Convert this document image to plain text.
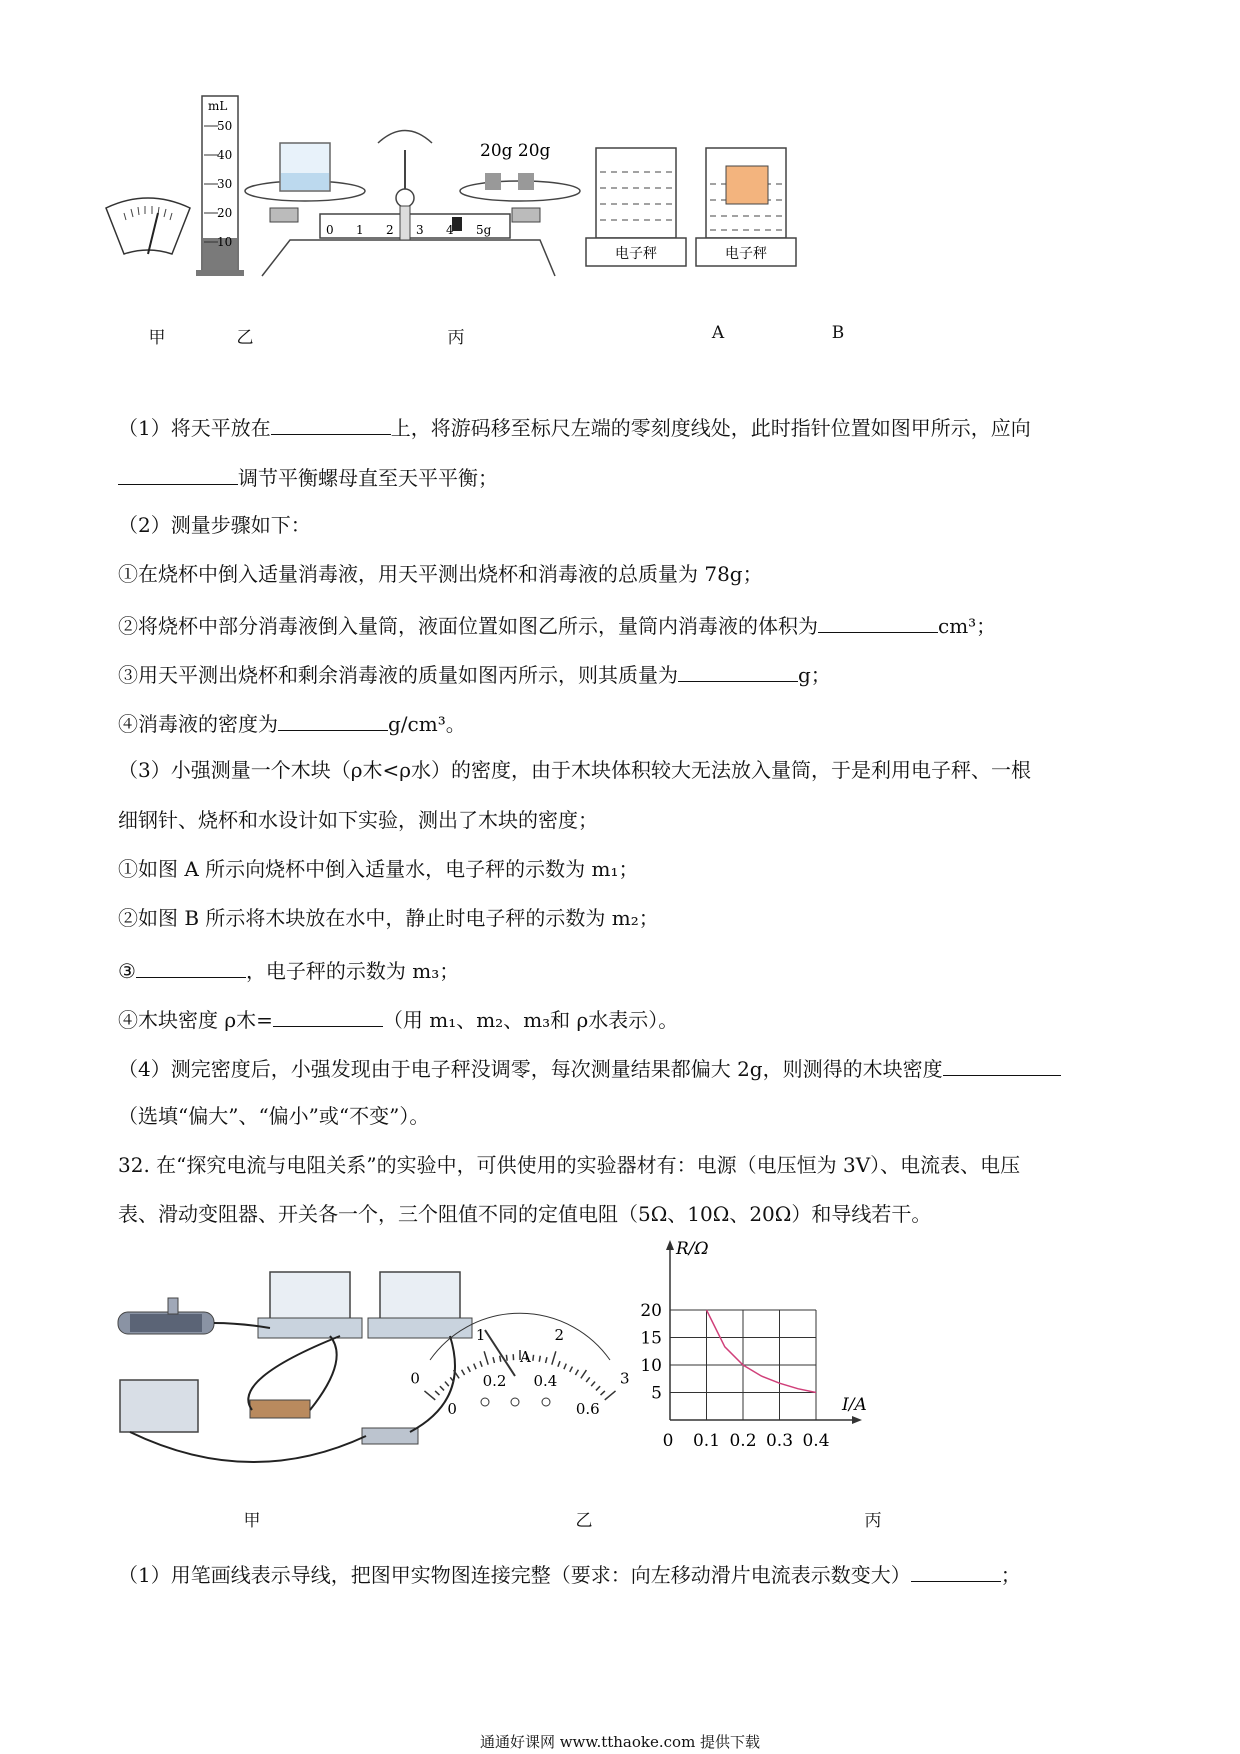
mL
50
40
30
20
10
20g 20g
0 1 2 3 4 5g
电子秤	电子秤
甲	乙	丙	A	B
（1）将天平放在	上，将游码移至标尺左端的零刻度线处，此时指针位置如图甲所示，应向
调节平衡螺母直至天平平衡；
（2）测量步骤如下：
①在烧杯中倒入适量消毒液，用天平测出烧杯和消毒液的总质量为 78g；
②将烧杯中部分消毒液倒入量筒，液面位置如图乙所示，量筒内消毒液的体积为	cm³；
③用天平测出烧杯和剩余消毒液的质量如图丙所示，则其质量为	g；
④消毒液的密度为	g/cm³。
（3）小强测量一个木块（ρ木<ρ水）的密度，由于木块体积较大无法放入量筒，于是利用电子秤、一根
细钢针、烧杯和水设计如下实验，测出了木块的密度；
①如图 A 所示向烧杯中倒入适量水，电子秤的示数为 m₁；
②如图 B 所示将木块放在水中，静止时电子秤的示数为 m₂；
③	，电子秤的示数为 m₃；
④木块密度 ρ木=	（用 m₁、m₂、m₃和 ρ水表示）。
（4）测完密度后，小强发现由于电子秤没调零，每次测量结果都偏大 2g，则测得的木块密度
（选填“偏大”、“偏小”或“不变”）。
32. 在“探究电流与电阻关系”的实验中，可供使用的实验器材有：电源（电压恒为 3V）、电流表、电压
表、滑动变阻器、开关各一个，三个阻值不同的定值电阻（5Ω、10Ω、20Ω）和导线若干。
0
1	2
3
0
0.2 0.4
0.6
A
R/Ω
I/A
20
15
10
5
0 0.1 0.2 0.3 0.4
甲	乙	丙
（1）用笔画线表示导线，把图甲实物图连接完整（要求：向左移动滑片电流表示数变大）	；
通通好课网 www.tthaoke.com 提供下载
